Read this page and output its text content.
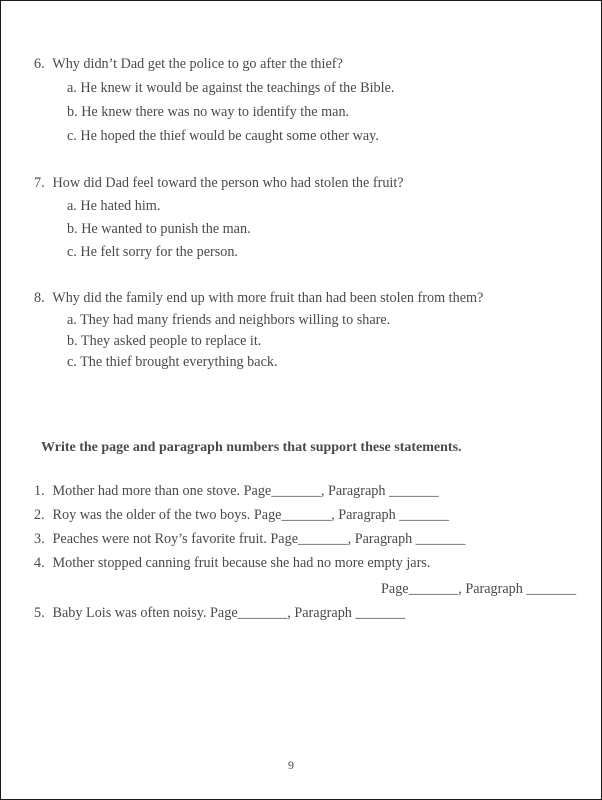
6. Why didn’t Dad get the police to go after the thief?
a. He knew it would be against the teachings of the Bible.
b. He knew there was no way to identify the man.
c. He hoped the thief would be caught some other way.
7. How did Dad feel toward the person who had stolen the fruit?
a. He hated him.
b. He wanted to punish the man.
c. He felt sorry for the person.
8. Why did the family end up with more fruit than had been stolen from them?
a. They had many friends and neighbors willing to share.
b. They asked people to replace it.
c. The thief brought everything back.
Write the page and paragraph numbers that support these statements.
1. Mother had more than one stove. Page_______, Paragraph _______
2. Roy was the older of the two boys. Page_______, Paragraph _______
3. Peaches were not Roy’s favorite fruit. Page_______, Paragraph _______
4. Mother stopped canning fruit because she had no more empty jars.
Page_______, Paragraph _______
5. Baby Lois was often noisy. Page_______, Paragraph _______
9
